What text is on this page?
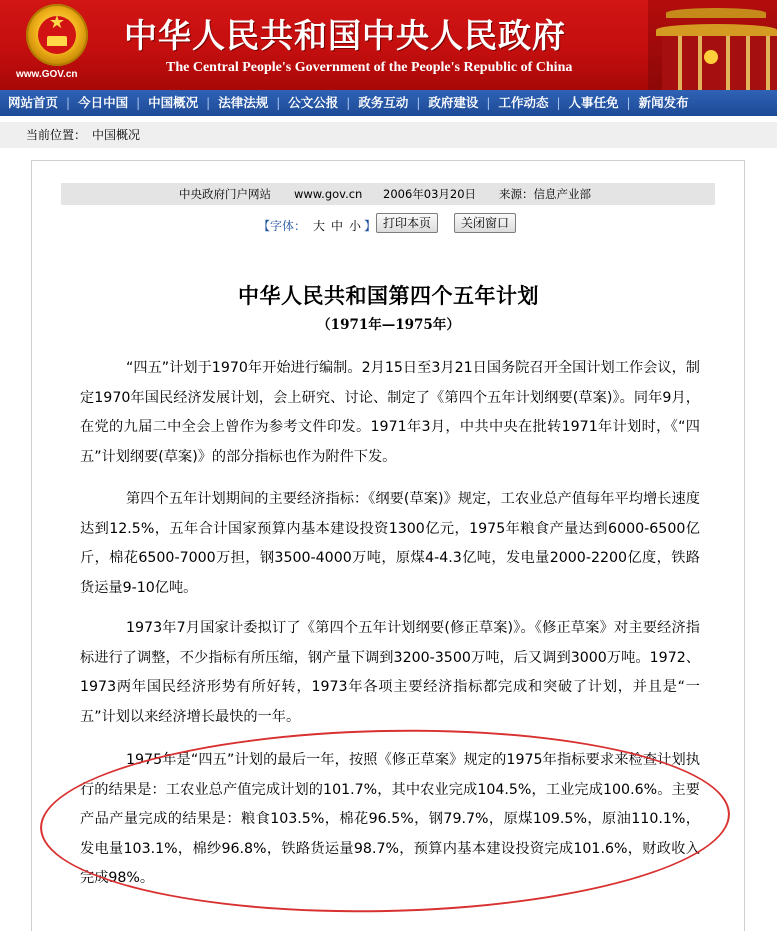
★
www.GOV.cn
中华人民共和国中央人民政府
The Central People's Government of the People's Republic of China
网站首页 | 今日中国 | 中国概况 | 法律法规 | 公文公报 | 政务互动 | 政府建设 | 工作动态 | 人事任免 | 新闻发布
当前位置： 中国概况
中央政府门户网站 www.gov.cn 2006年03月20日 来源：信息产业部
【字体： 大 中 小 】 打印本页	关闭窗口
中华人民共和国第四个五年计划
（1971年—1975年）
“四五”计划于1970年开始进行编制。2月15日至3月21日国务院召开全国计划工作会议，制定1970年国民经济发展计划，会上研究、讨论、制定了《第四个五年计划纲要(草案)》。同年9月，在党的九届二中全会上曾作为参考文件印发。1971年3月，中共中央在批转1971年计划时，《“四五”计划纲要(草案)》的部分指标也作为附件下发。
第四个五年计划期间的主要经济指标：《纲要(草案)》规定，工农业总产值每年平均增长速度达到12.5%，五年合计国家预算内基本建设投资1300亿元，1975年粮食产量达到6000-6500亿斤，棉花6500-7000万担，钢3500-4000万吨，原煤4-4.3亿吨，发电量2000-2200亿度，铁路货运量9-10亿吨。
1973年7月国家计委拟订了《第四个五年计划纲要(修正草案)》。《修正草案》对主要经济指标进行了调整，不少指标有所压缩，钢产量下调到3200-3500万吨，后又调到3000万吨。1972、1973两年国民经济形势有所好转，1973年各项主要经济指标都完成和突破了计划，并且是“一五”计划以来经济增长最快的一年。
1975年是“四五”计划的最后一年，按照《修正草案》规定的1975年指标要求来检查计划执行的结果是：工农业总产值完成计划的101.7%，其中农业完成104.5%，工业完成100.6%。主要产品产量完成的结果是：粮食103.5%，棉花96.5%，钢79.7%，原煤109.5%，原油110.1%，发电量103.1%，棉纱96.8%，铁路货运量98.7%，预算内基本建设投资完成101.6%，财政收入完成98%。
